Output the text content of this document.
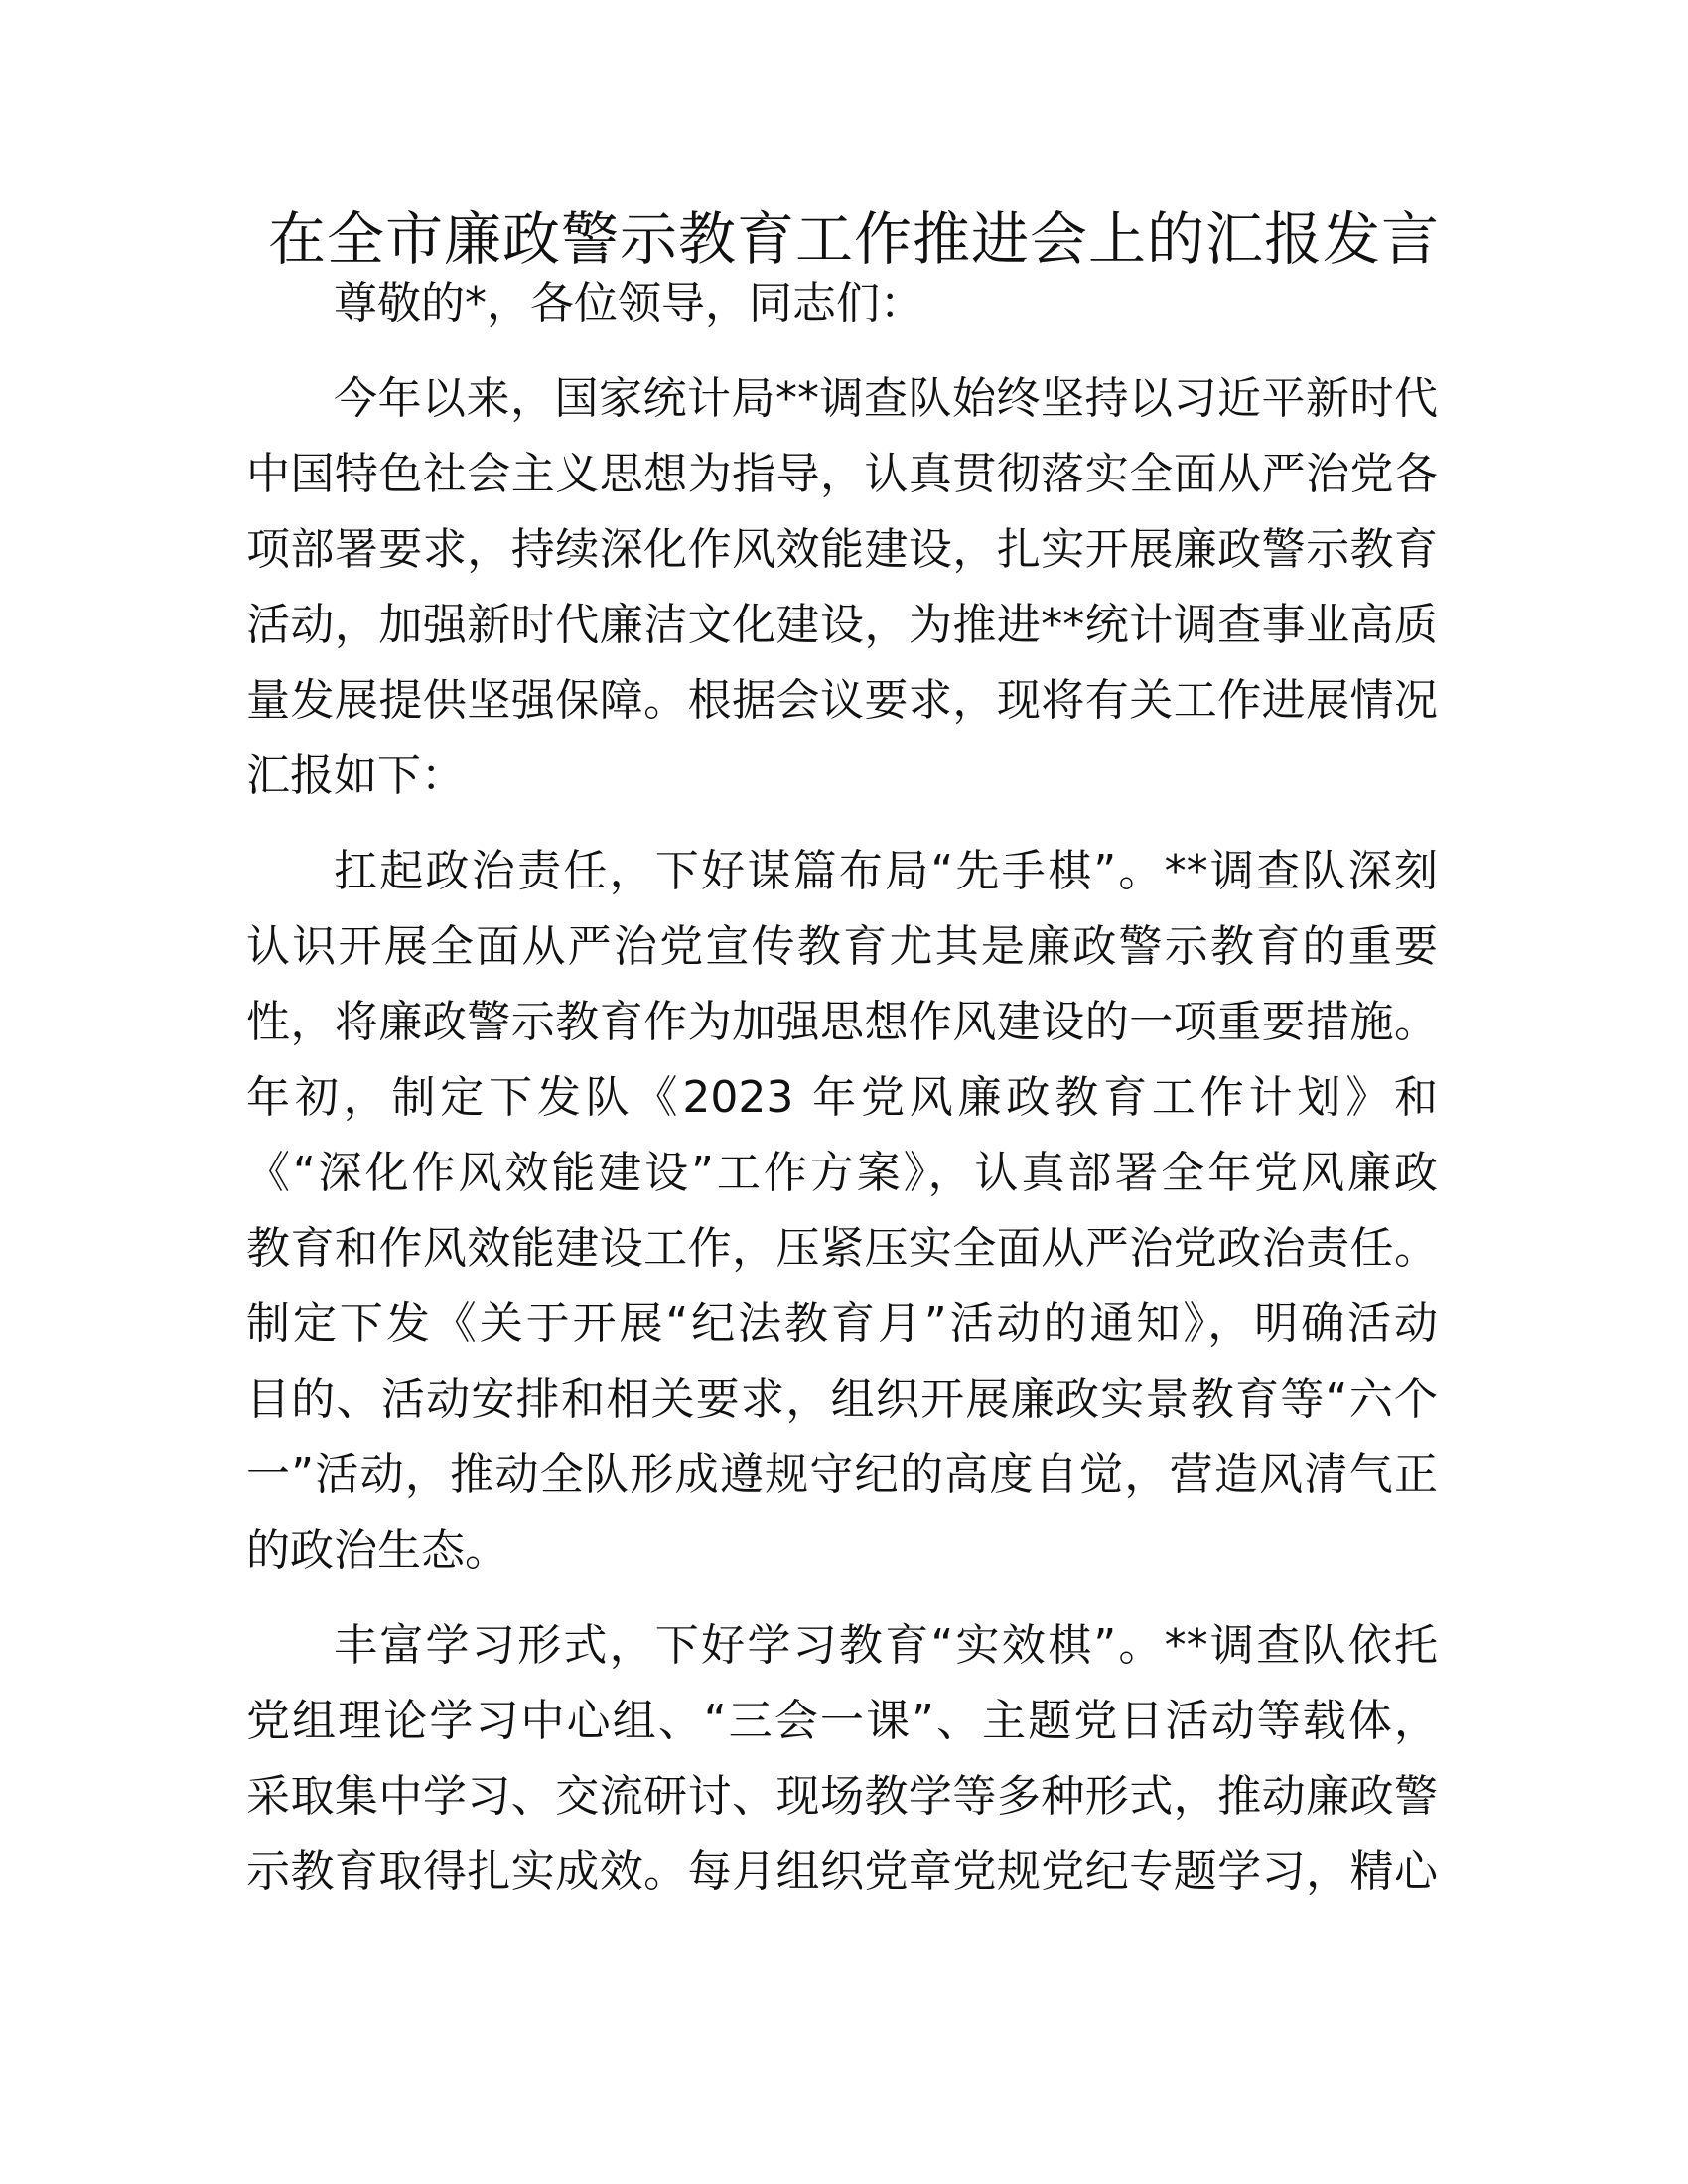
在全市廉政警示教育工作推进会上的汇报发言
尊敬的*，各位领导，同志们：
今年以来，国家统计局**调查队始终坚持以习近平新时代
中国特色社会主义思想为指导，认真贯彻落实全面从严治党各
项部署要求，持续深化作风效能建设，扎实开展廉政警示教育
活动，加强新时代廉洁文化建设，为推进**统计调查事业高质
量发展提供坚强保障。根据会议要求，现将有关工作进展情况
汇报如下：
扛起政治责任，下好谋篇布局“先手棋”。**调查队深刻
认识开展全面从严治党宣传教育尤其是廉政警示教育的重要
性，将廉政警示教育作为加强思想作风建设的一项重要措施。
年初，制定下发队《2023 年党风廉政教育工作计划》和
《“深化作风效能建设”工作方案》，认真部署全年党风廉政
教育和作风效能建设工作，压紧压实全面从严治党政治责任。
制定下发《关于开展“纪法教育月”活动的通知》，明确活动
目的、活动安排和相关要求，组织开展廉政实景教育等“六个
一”活动，推动全队形成遵规守纪的高度自觉，营造风清气正
的政治生态。
丰富学习形式，下好学习教育“实效棋”。**调查队依托
党组理论学习中心组、“三会一课”、主题党日活动等载体，
采取集中学习、交流研讨、现场教学等多种形式，推动廉政警
示教育取得扎实成效。每月组织党章党规党纪专题学习，精心
